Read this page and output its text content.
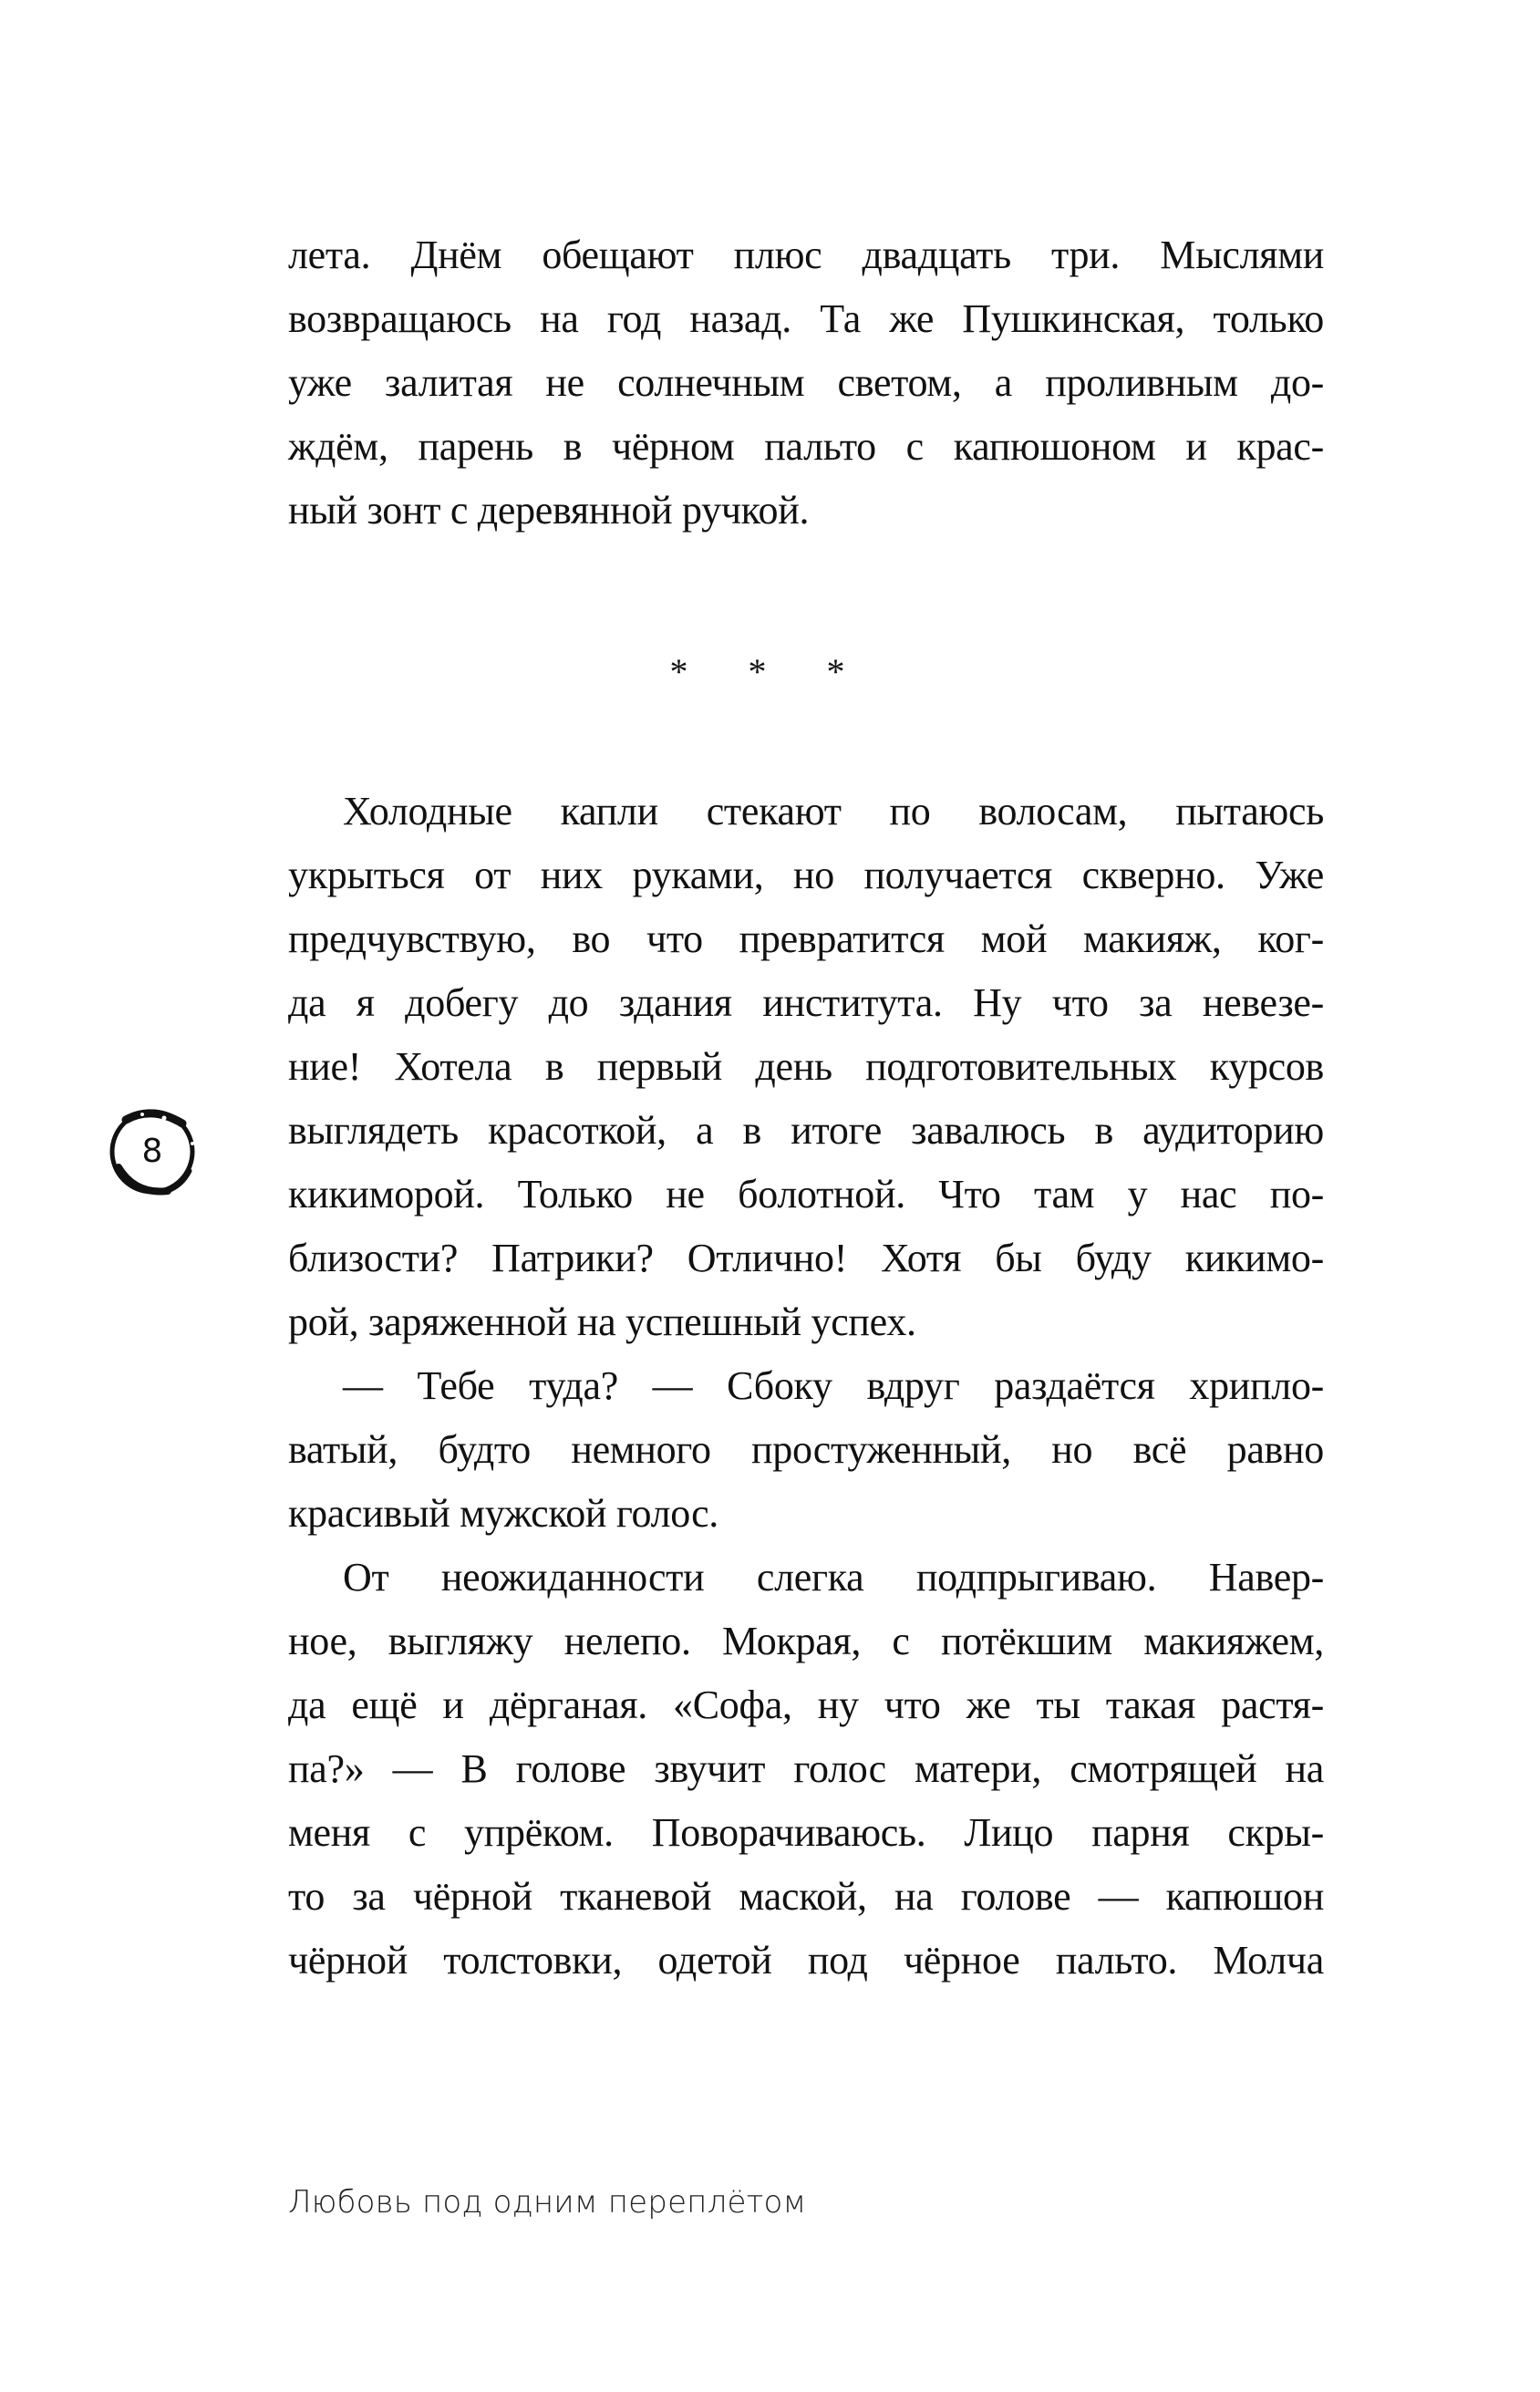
лета. Днём обещают плюс двадцать три. Мыслями
возвращаюсь на год назад. Та же Пушкинская, только
уже залитая не солнечным светом, а проливным до-
ждём, парень в чёрном пальто с капюшоном и крас-
ный зонт с деревянной ручкой.
* * *
Холодные капли стекают по волосам, пытаюсь
укрыться от них руками, но получается скверно. Уже
предчувствую, во что превратится мой макияж, ког-
да я добегу до здания института. Ну что за невезе-
ние! Хотела в первый день подготовительных курсов
выглядеть красоткой, а в итоге завалюсь в аудиторию
кикиморой. Только не болотной. Что там у нас по-
близости? Патрики? Отлично! Хотя бы буду кикимо-
рой, заряженной на успешный успех.
— Тебе туда? — Сбоку вдруг раздаётся хрипло-
ватый, будто немного простуженный, но всё равно
красивый мужской голос.
От неожиданности слегка подпрыгиваю. Навер-
ное, выгляжу нелепо. Мокрая, с потёкшим макияжем,
да ещё и дёрганая. «Софа, ну что же ты такая растя-
па?» — В голове звучит голос матери, смотрящей на
меня с упрёком. Поворачиваюсь. Лицо парня скры-
то за чёрной тканевой маской, на голове — капюшон
чёрной толстовки, одетой под чёрное пальто. Молча
8
Любовь под одним переплётом
